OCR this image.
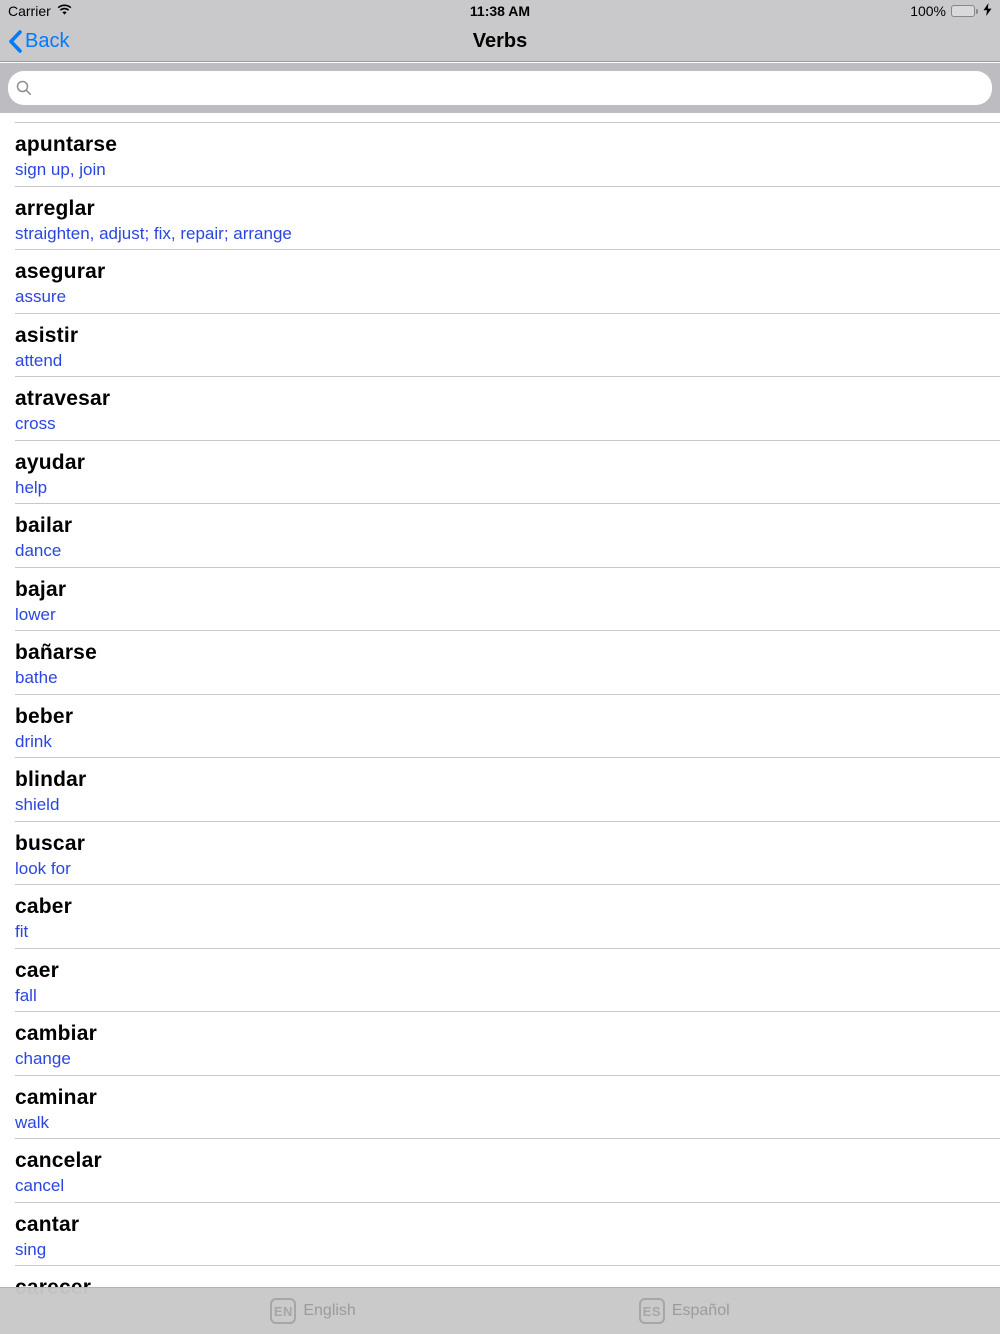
Carrier	11:38 AM	100%
Back	Verbs
apuntarse
sign up, join
arreglar
straighten, adjust; fix, repair; arrange
asegurar
assure
asistir
attend
atravesar
cross
ayudar
help
bailar
dance
bajar
lower
bañarse
bathe
beber
drink
blindar
shield
buscar
look for
caber
fit
caer
fall
cambiar
change
caminar
walk
cancelar
cancel
cantar
sing
EN English	ES Español
